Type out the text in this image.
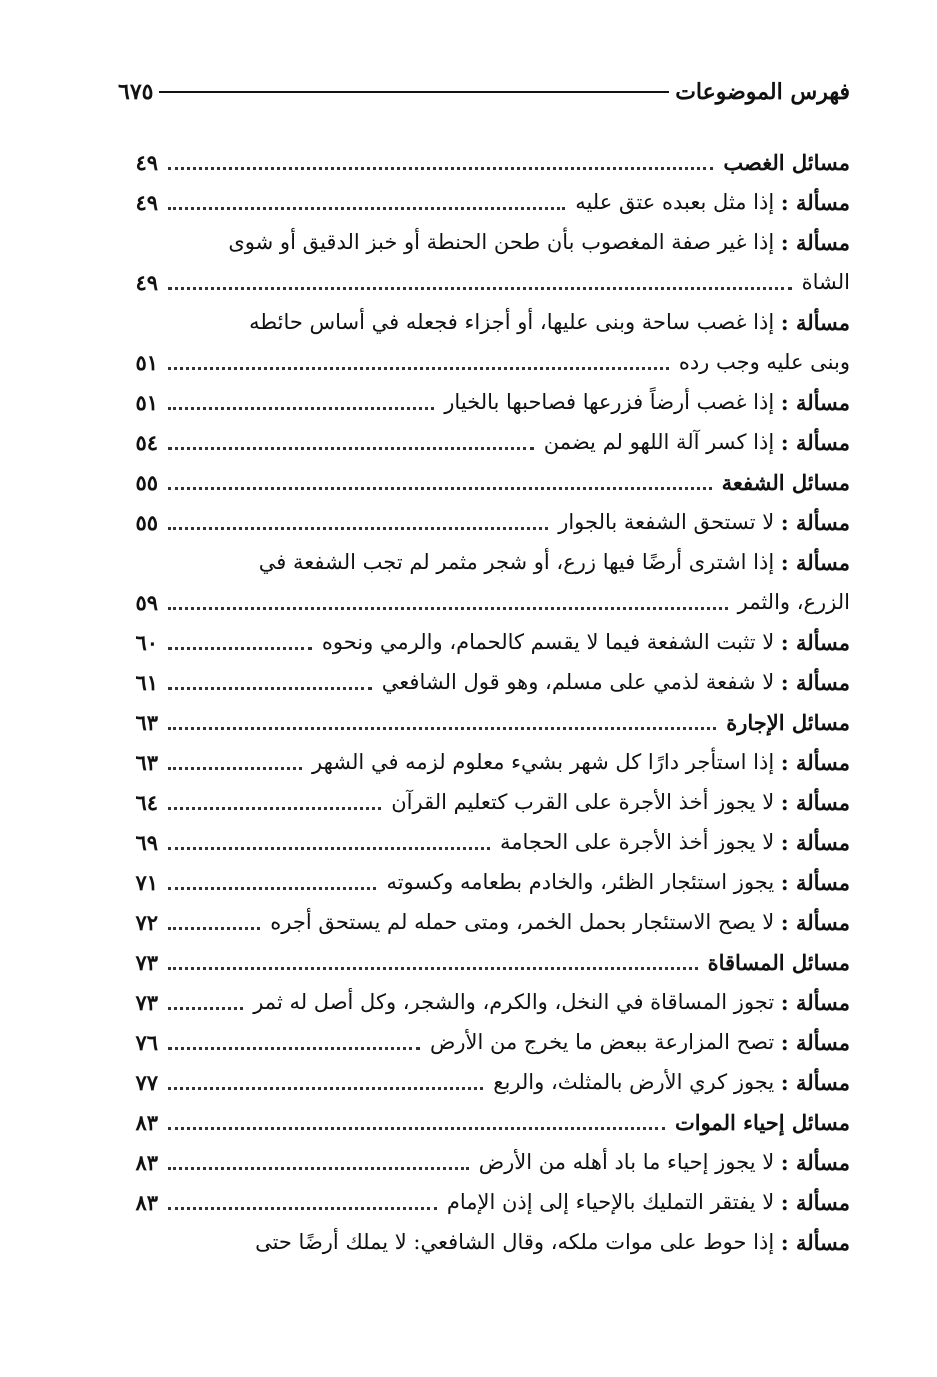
فهرس الموضوعات
٦٧٥
مسائل الغصب
٤٩
مسألة :

إذا مثل بعبده عتق عليه
٤٩
مسألة :

إذا غير صفة المغصوب بأن طحن الحنطة أو خبز الدقيق أو شوى
الشاة
٤٩
مسألة :

إذا غصب ساحة وبنى عليها، أو أجزاء فجعله في أساس حائطه
وبنى عليه وجب رده
٥١
مسألة :

إذا غصب أرضاً فزرعها فصاحبها بالخيار
٥١
مسألة :

إذا كسر آلة اللهو لم يضمن
٥٤
مسائل الشفعة
٥٥
مسألة :

لا تستحق الشفعة بالجوار
٥٥
مسألة :

إذا اشترى أرضًا فيها زرع، أو شجر مثمر لم تجب الشفعة في
الزرع، والثمر
٥٩
مسألة :

لا تثبت الشفعة فيما لا يقسم كالحمام، والرمي ونحوه
٦٠
مسألة :

لا شفعة لذمي على مسلم، وهو قول الشافعي
٦١
مسائل الإجارة
٦٣
مسألة :

إذا استأجر دارًا كل شهر بشيء معلوم لزمه في الشهر
٦٣
مسألة :

لا يجوز أخذ الأجرة على القرب كتعليم القرآن
٦٤
مسألة :

لا يجوز أخذ الأجرة على الحجامة
٦٩
مسألة :

يجوز استئجار الظئر، والخادم بطعامه وكسوته
٧١
مسألة :

لا يصح الاستئجار بحمل الخمر، ومتى حمله لم يستحق أجره
٧٢
مسائل المساقاة
٧٣
مسألة :

تجوز المساقاة في النخل، والكرم، والشجر، وكل أصل له ثمر
٧٣
مسألة :

تصح المزارعة ببعض ما يخرج من الأرض
٧٦
مسألة :

يجوز كري الأرض بالمثلث، والربع
٧٧
مسائل إحياء الموات
٨٣
مسألة :

لا يجوز إحياء ما باد أهله من الأرض
٨٣
مسألة :

لا يفتقر التمليك بالإحياء إلى إذن الإمام
٨٣
مسألة :

إذا حوط على موات ملكه، وقال الشافعي: لا يملك أرضًا حتى
